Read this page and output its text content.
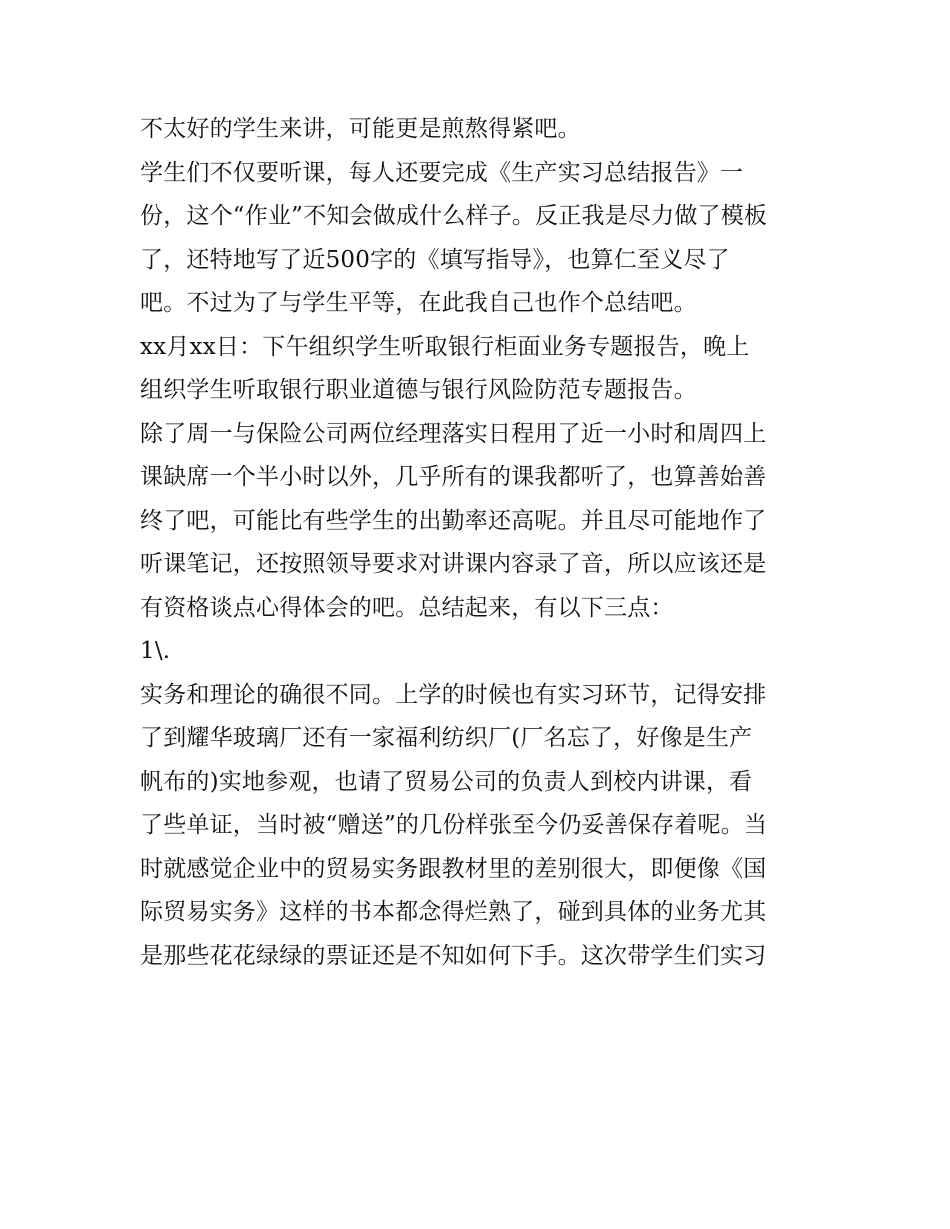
不太好的学生来讲，可能更是煎熬得紧吧。
学生们不仅要听课，每人还要完成《生产实习总结报告》一
份，这个“作业”不知会做成什么样子。反正我是尽力做了模板
了，还特地写了近500字的《填写指导》，也算仁至义尽了
吧。不过为了与学生平等，在此我自己也作个总结吧。
xx月xx日：下午组织学生听取银行柜面业务专题报告，晚上
组织学生听取银行职业道德与银行风险防范专题报告。
除了周一与保险公司两位经理落实日程用了近一小时和周四上
课缺席一个半小时以外，几乎所有的课我都听了，也算善始善
终了吧，可能比有些学生的出勤率还高呢。并且尽可能地作了
听课笔记，还按照领导要求对讲课内容录了音，所以应该还是
有资格谈点心得体会的吧。总结起来，有以下三点：
1\.
实务和理论的确很不同。上学的时候也有实习环节，记得安排
了到耀华玻璃厂还有一家福利纺织厂(厂名忘了，好像是生产
帆布的)实地参观，也请了贸易公司的负责人到校内讲课，看
了些单证，当时被“赠送”的几份样张至今仍妥善保存着呢。当
时就感觉企业中的贸易实务跟教材里的差别很大，即便像《国
际贸易实务》这样的书本都念得烂熟了，碰到具体的业务尤其
是那些花花绿绿的票证还是不知如何下手。这次带学生们实习
